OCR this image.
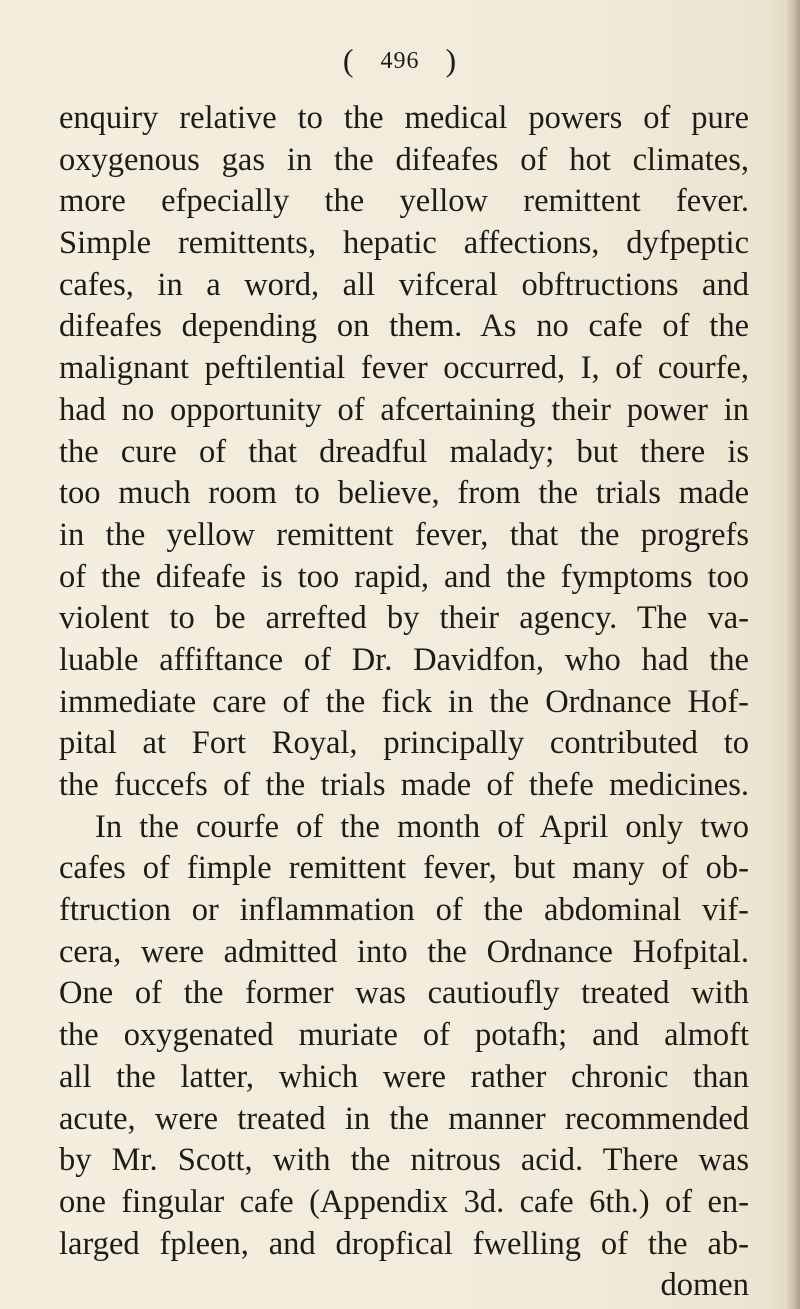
( 496 )
enquiry relative to the medical powers of pure
oxygenous gas in the difeafes of hot climates,
more efpecially the yellow remittent fever.
Simple remittents, hepatic affections, dyfpeptic
cafes, in a word, all vifceral obftructions and
difeafes depending on them. As no cafe of the
malignant peftilential fever occurred, I, of courfe,
had no opportunity of afcertaining their power in
the cure of that dreadful malady; but there is
too much room to believe, from the trials made
in the yellow remittent fever, that the progrefs
of the difeafe is too rapid, and the fymptoms too
violent to be arrefted by their agency. The va-
luable affiftance of Dr. Davidfon, who had the
immediate care of the fick in the Ordnance Hof-
pital at Fort Royal, principally contributed to
the fuccefs of the trials made of thefe medicines.
In the courfe of the month of April only two
cafes of fimple remittent fever, but many of ob-
ftruction or inflammation of the abdominal vif-
cera, were admitted into the Ordnance Hofpital.
One of the former was cautioufly treated with
the oxygenated muriate of potafh; and almoft
all the latter, which were rather chronic than
acute, were treated in the manner recommended
by Mr. Scott, with the nitrous acid. There was
one fingular cafe (Appendix 3d. cafe 6th.) of en-
larged fpleen, and dropfical fwelling of the ab-
domen
